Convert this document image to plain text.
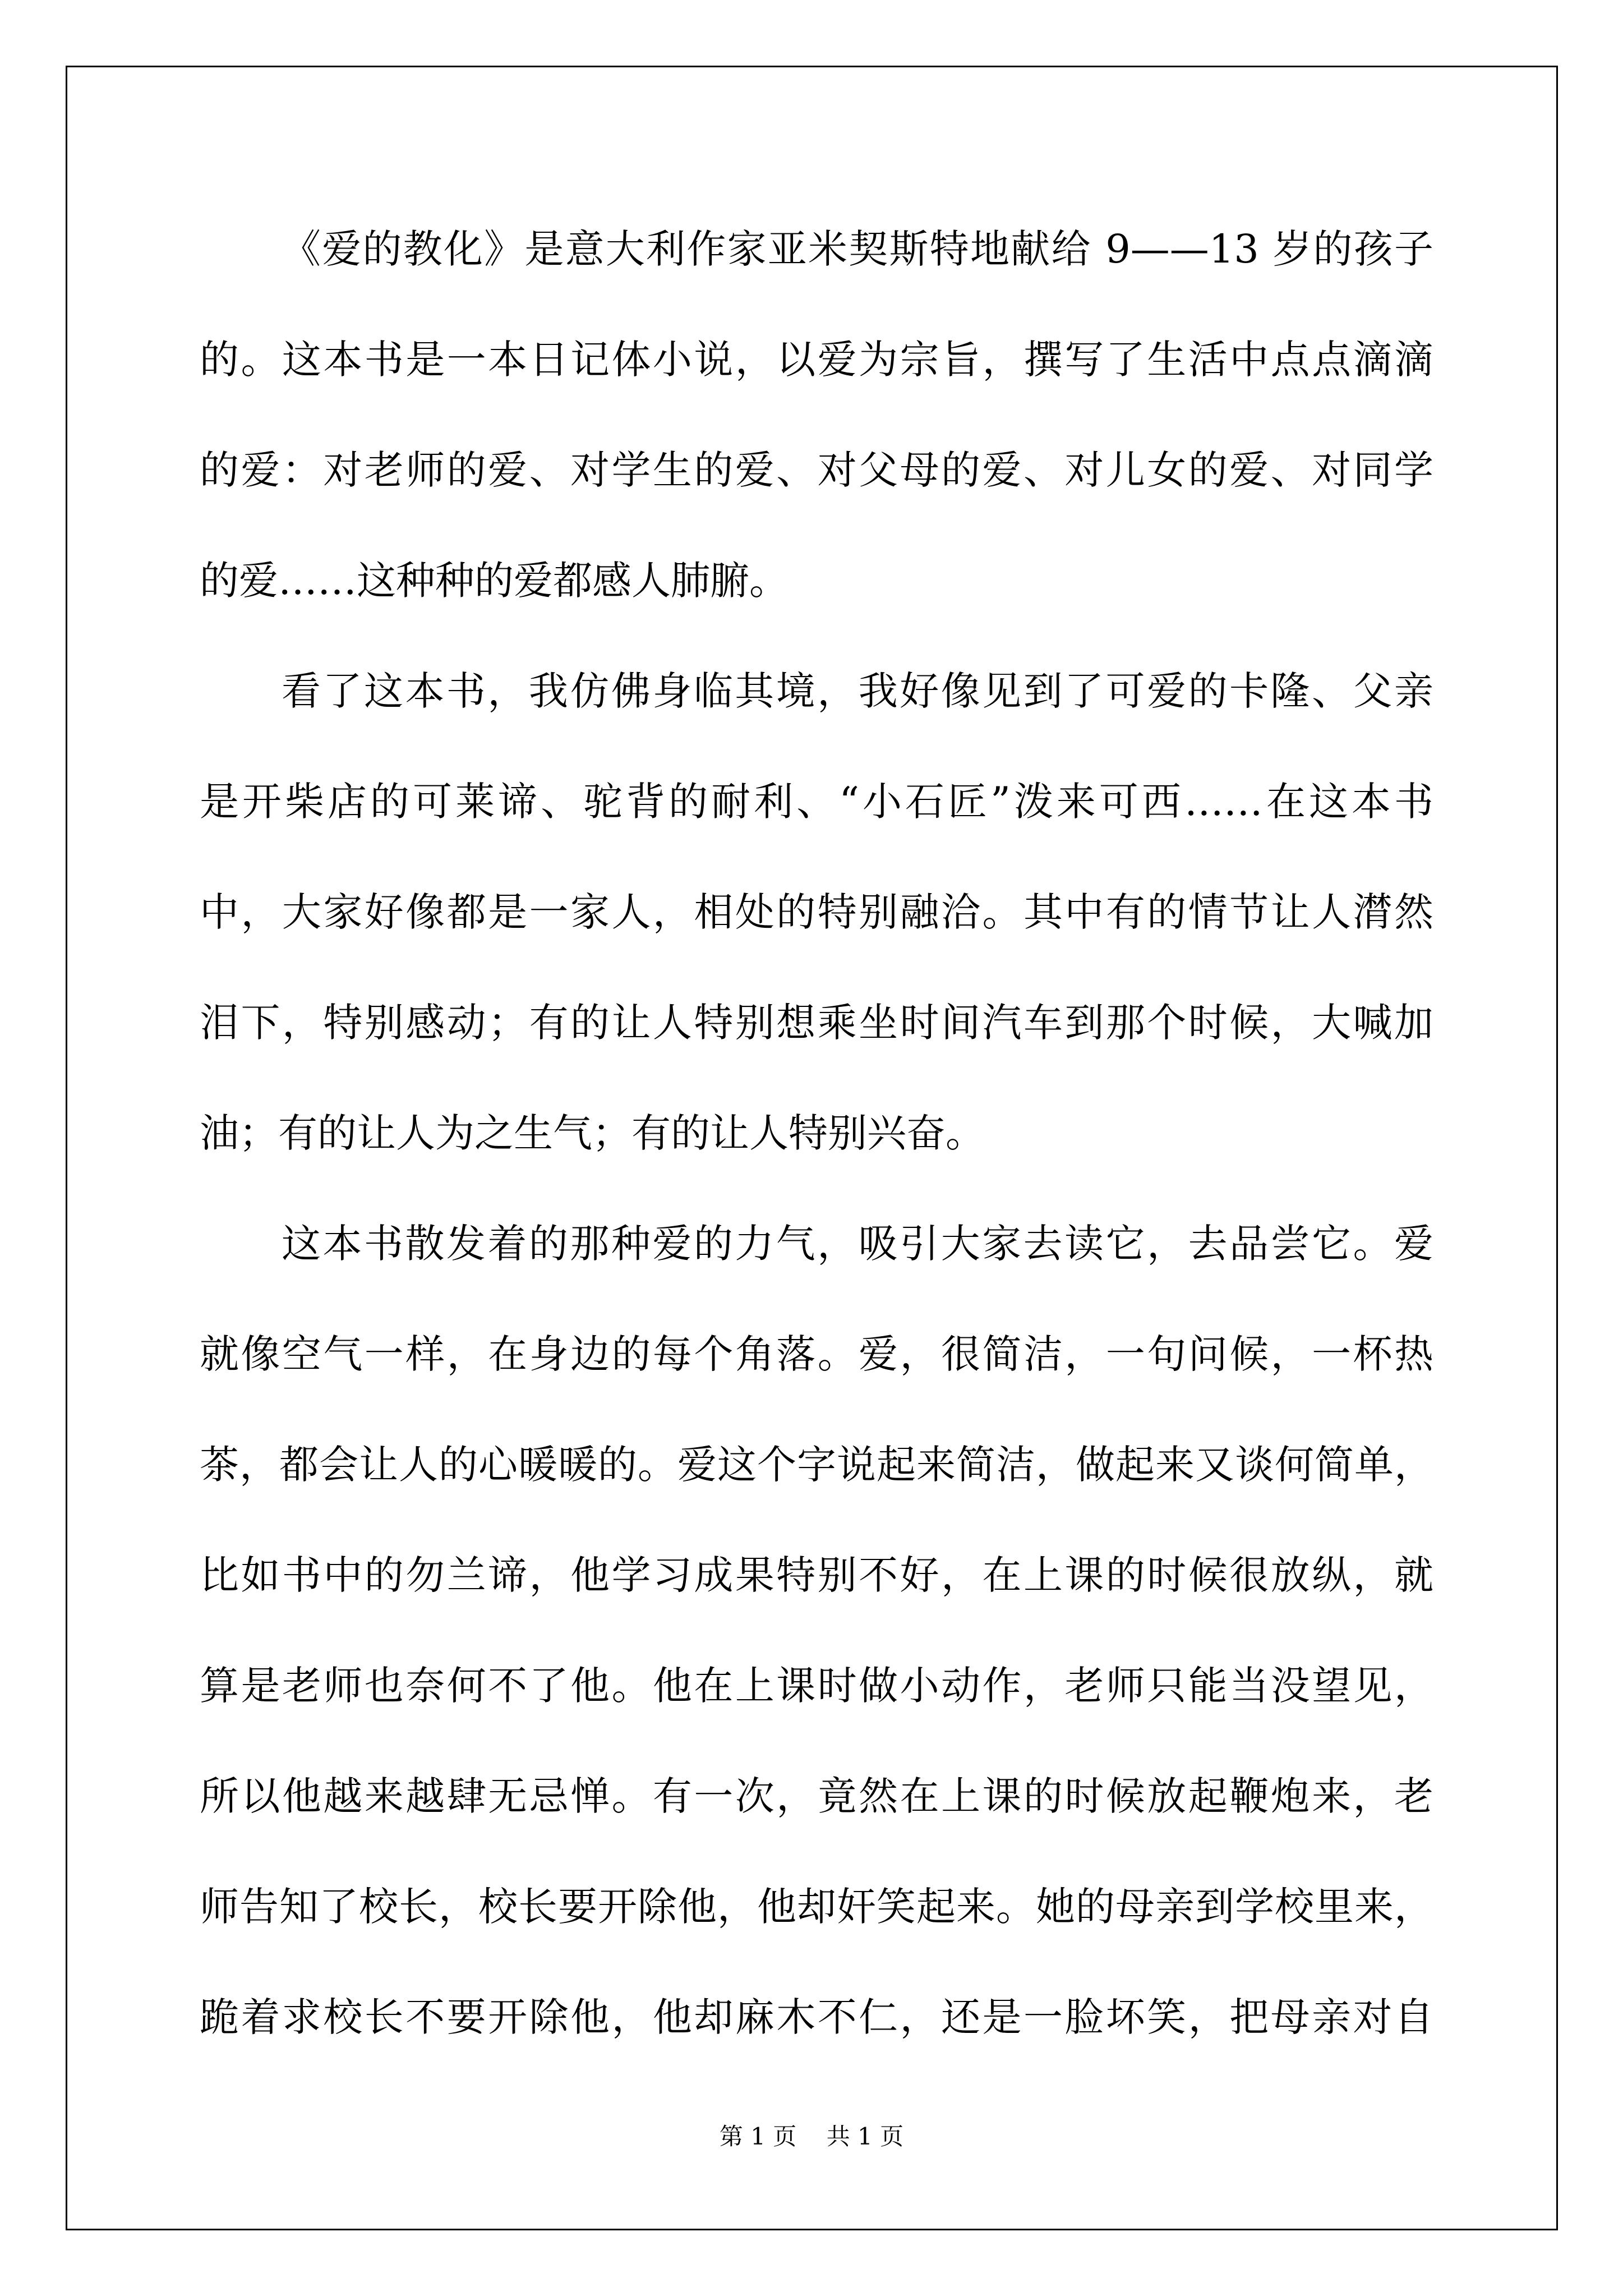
《爱的教化》是意大利作家亚米契斯特地献给 9——13 岁的孩子
的。这本书是一本日记体小说，以爱为宗旨，撰写了生活中点点滴滴
的爱：对老师的爱、对学生的爱、对父母的爱、对儿女的爱、对同学
的爱……这种种的爱都感人肺腑。
看了这本书，我仿佛身临其境，我好像见到了可爱的卡隆、父亲
是开柴店的可莱谛、驼背的耐利、“小石匠”泼来可西……在这本书
中，大家好像都是一家人，相处的特别融洽。其中有的情节让人潸然
泪下，特别感动；有的让人特别想乘坐时间汽车到那个时候，大喊加
油；有的让人为之生气；有的让人特别兴奋。
这本书散发着的那种爱的力气，吸引大家去读它，去品尝它。爱
就像空气一样，在身边的每个角落。爱，很简洁，一句问候，一杯热
茶，都会让人的心暖暖的。爱这个字说起来简洁，做起来又谈何简单，
比如书中的勿兰谛，他学习成果特别不好，在上课的时候很放纵，就
算是老师也奈何不了他。他在上课时做小动作，老师只能当没望见，
所以他越来越肆无忌惮。有一次，竟然在上课的时候放起鞭炮来，老
师告知了校长，校长要开除他，他却奸笑起来。她的母亲到学校里来，
跪着求校长不要开除他，他却麻木不仁，还是一脸坏笑，把母亲对自
第 1 页    共 1 页
